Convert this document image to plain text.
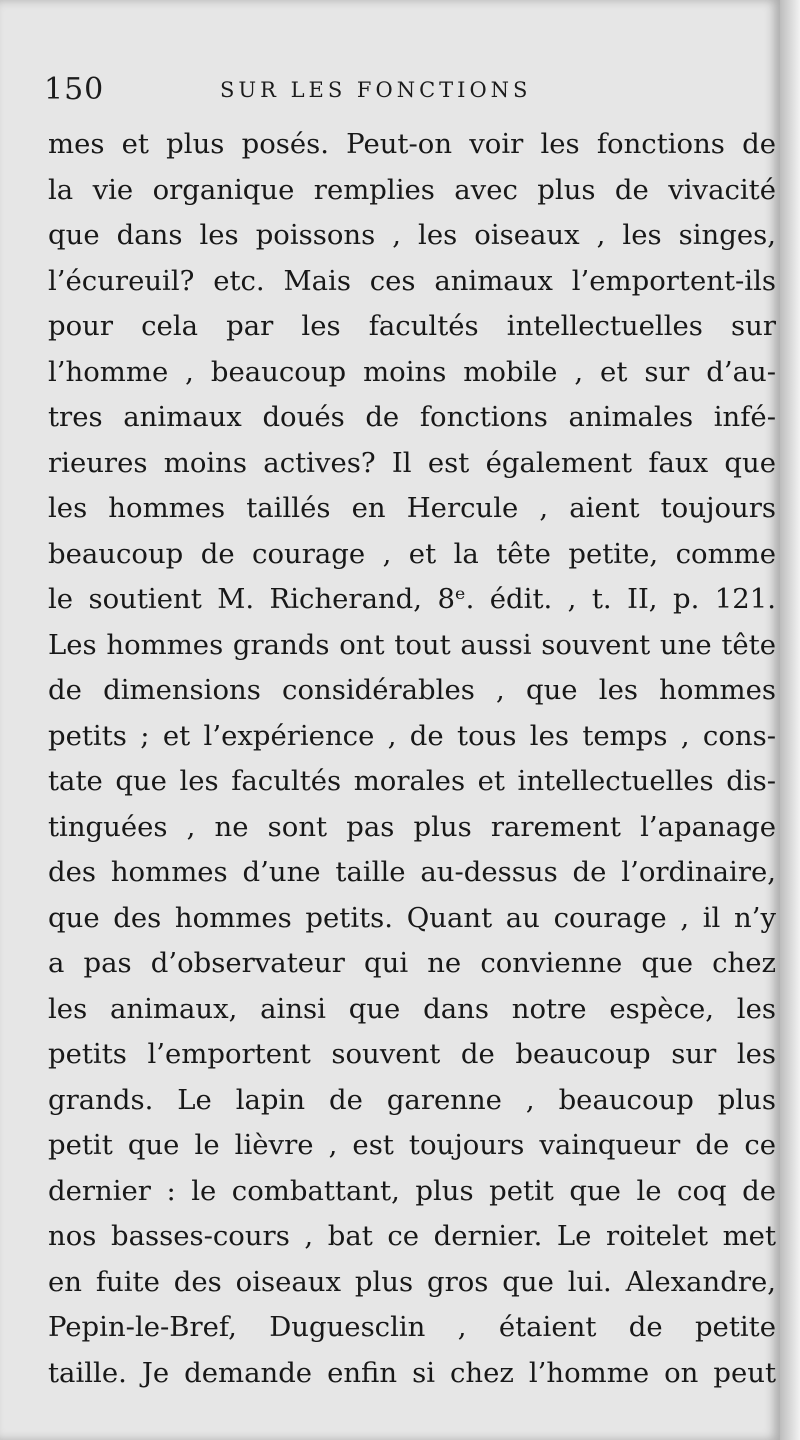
150	SUR LES FONCTIONS
mes et plus posés. Peut-on voir les fonctions de
la vie organique remplies avec plus de vivacité
que dans les poissons , les oiseaux , les singes,
l’écureuil? etc. Mais ces animaux l’emportent-ils
pour cela par les facultés intellectuelles sur
l’homme , beaucoup moins mobile , et sur d’au-
tres animaux doués de fonctions animales infé-
rieures moins actives? Il est également faux que
les hommes taillés en Hercule , aient toujours
beaucoup de courage , et la tête petite, comme
le soutient M. Richerand, 8ᵉ. édit. , t. II, p. 121.
Les hommes grands ont tout aussi souvent une tête
de dimensions considérables , que les hommes
petits ; et l’expérience , de tous les temps , cons-
tate que les facultés morales et intellectuelles dis-
tinguées , ne sont pas plus rarement l’apanage
des hommes d’une taille au-dessus de l’ordinaire,
que des hommes petits. Quant au courage , il n’y
a pas d’observateur qui ne convienne que chez
les animaux, ainsi que dans notre espèce, les
petits l’emportent souvent de beaucoup sur les
grands. Le lapin de garenne , beaucoup plus
petit que le lièvre , est toujours vainqueur de ce
dernier : le combattant, plus petit que le coq de
nos basses-cours , bat ce dernier. Le roitelet met
en fuite des oiseaux plus gros que lui. Alexandre,
Pepin-le-Bref, Duguesclin , étaient de petite
taille. Je demande enfin si chez l’homme on peut
